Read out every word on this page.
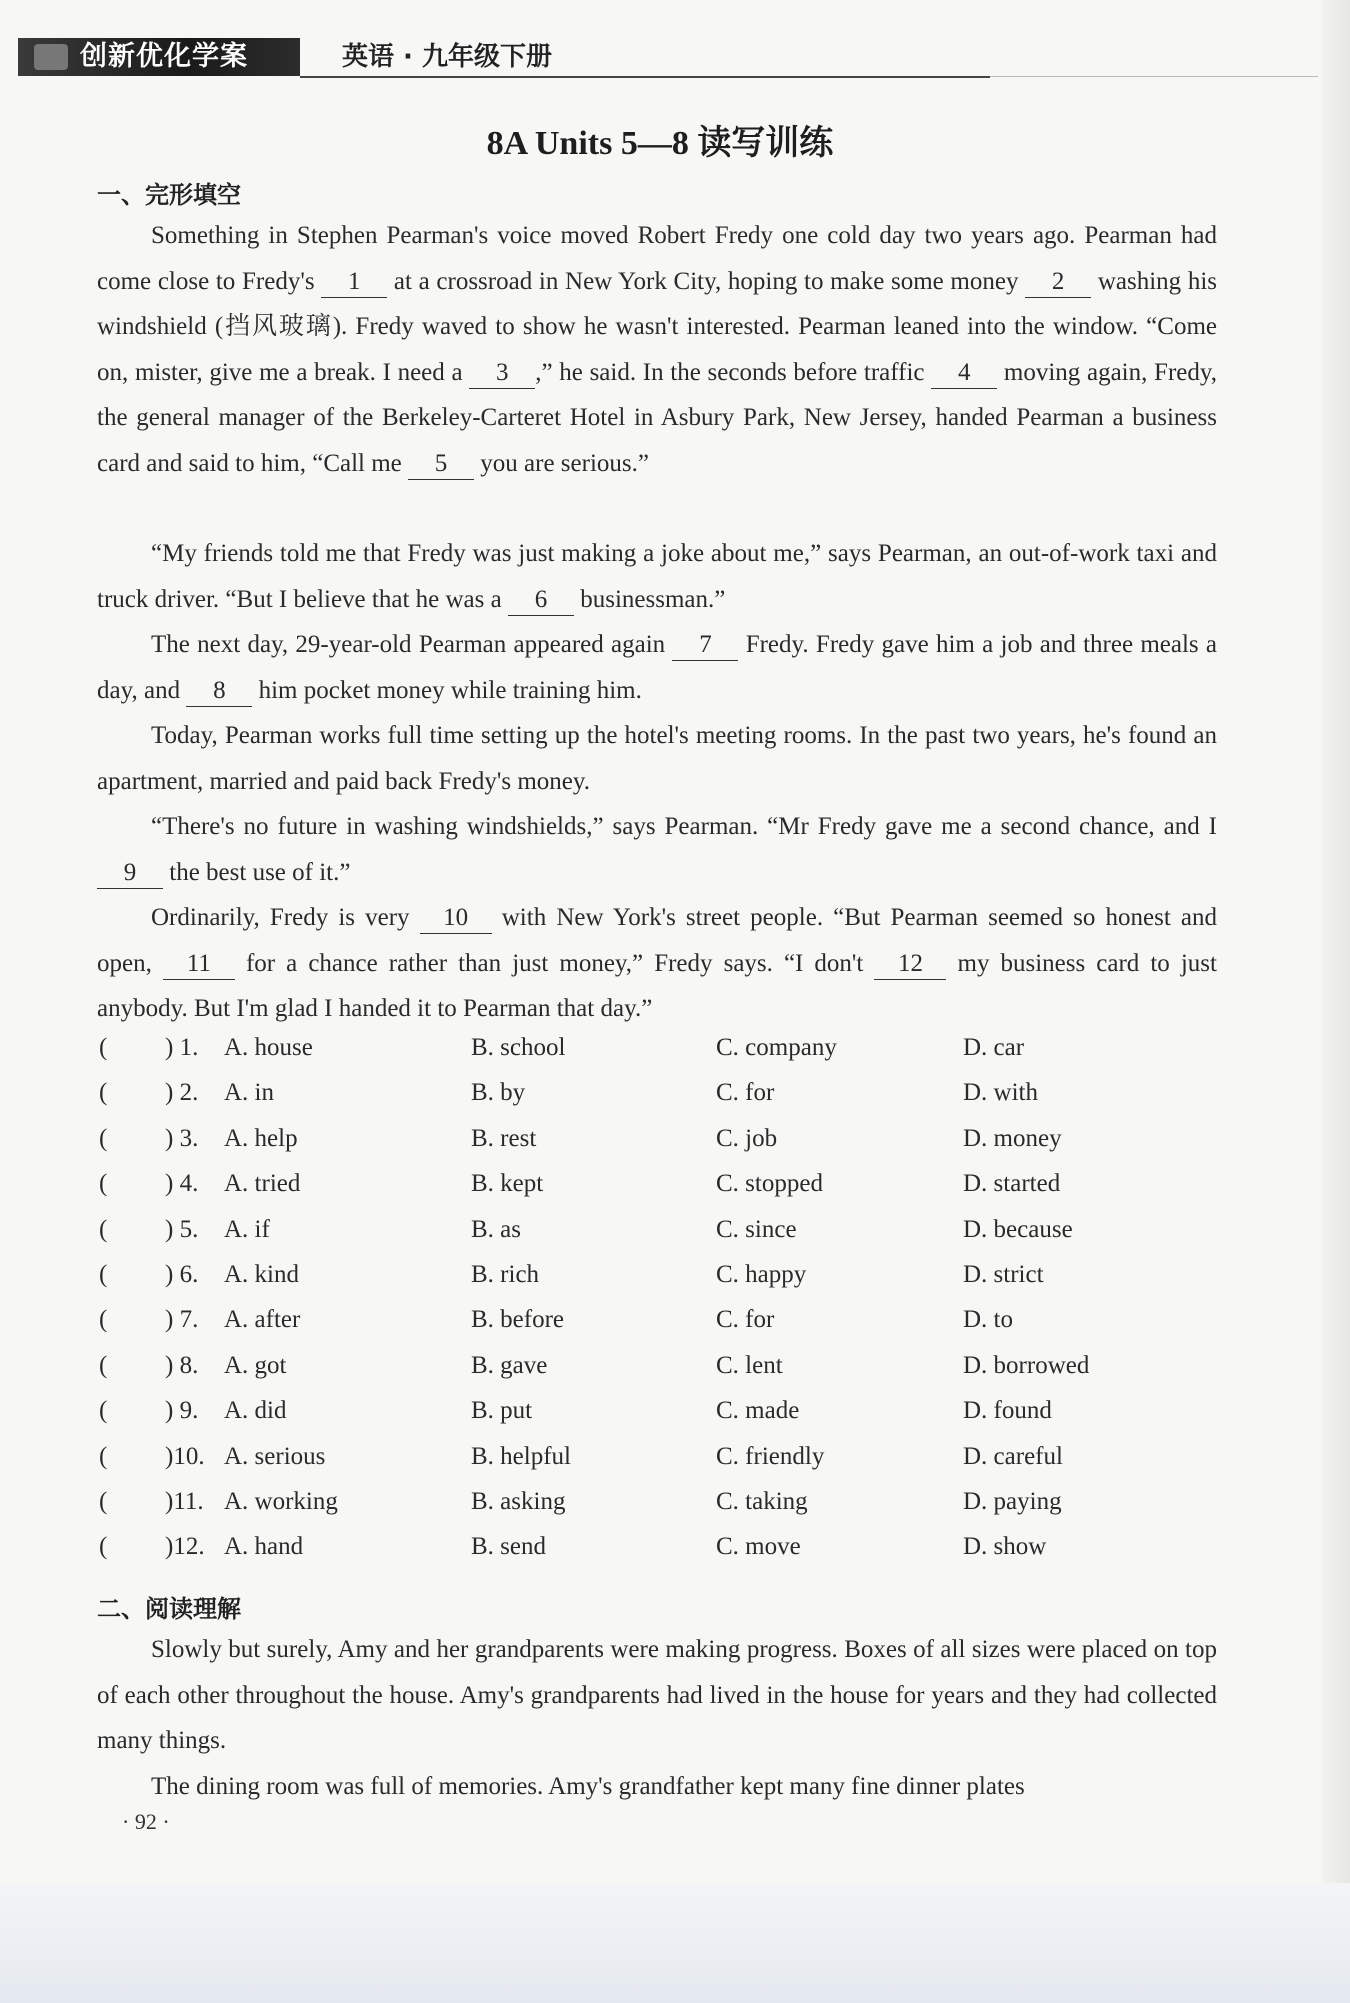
创新优化学案	英语 · 九年级下册
8A Units 5—8 读写训练
一、完形填空
Something in Stephen Pearman's voice moved Robert Fredy one cold day two years ago. Pearman had come close to Fredy's 1 at a crossroad in New York City, hoping to make some money 2 washing his windshield (挡风玻璃). Fredy waved to show he wasn't interested. Pearman leaned into the window. “Come on, mister, give me a break. I need a 3 ,” he said. In the seconds before traffic 4 moving again, Fredy, the general manager of the Berkeley-Carteret Hotel in Asbury Park, New Jersey, handed Pearman a business card and said to him, “Call me 5 you are serious.”
“My friends told me that Fredy was just making a joke about me,” says Pearman, an out-of-work taxi and truck driver. “But I believe that he was a 6 businessman.”
The next day, 29-year-old Pearman appeared again 7 Fredy. Fredy gave him a job and three meals a day, and 8 him pocket money while training him.
Today, Pearman works full time setting up the hotel's meeting rooms. In the past two years, he's found an apartment, married and paid back Fredy's money.
“There's no future in washing windshields,” says Pearman. “Mr Fredy gave me a second chance, and I 9 the best use of it.”
Ordinarily, Fredy is very 10 with New York's street people. “But Pearman seemed so honest and open, 11 for a chance rather than just money,” Fredy says. “I don't 12 my business card to just anybody. But I'm glad I handed it to Pearman that day.”
( ) 1. A. house	B. school	C. company	D. car
( ) 2. A. in	B. by	C. for	D. with
( ) 3. A. help	B. rest	C. job	D. money
( ) 4. A. tried	B. kept	C. stopped	D. started
( ) 5. A. if	B. as	C. since	D. because
( ) 6. A. kind	B. rich	C. happy	D. strict
( ) 7. A. after	B. before	C. for	D. to
( ) 8. A. got	B. gave	C. lent	D. borrowed
( ) 9. A. did	B. put	C. made	D. found
( )10. A. serious	B. helpful	C. friendly	D. careful
( )11. A. working	B. asking	C. taking	D. paying
( )12. A. hand	B. send	C. move	D. show
二、阅读理解
Slowly but surely, Amy and her grandparents were making progress. Boxes of all sizes were placed on top of each other throughout the house. Amy's grandparents had lived in the house for years and they had collected many things.
The dining room was full of memories. Amy's grandfather kept many fine dinner plates
· 92 ·
